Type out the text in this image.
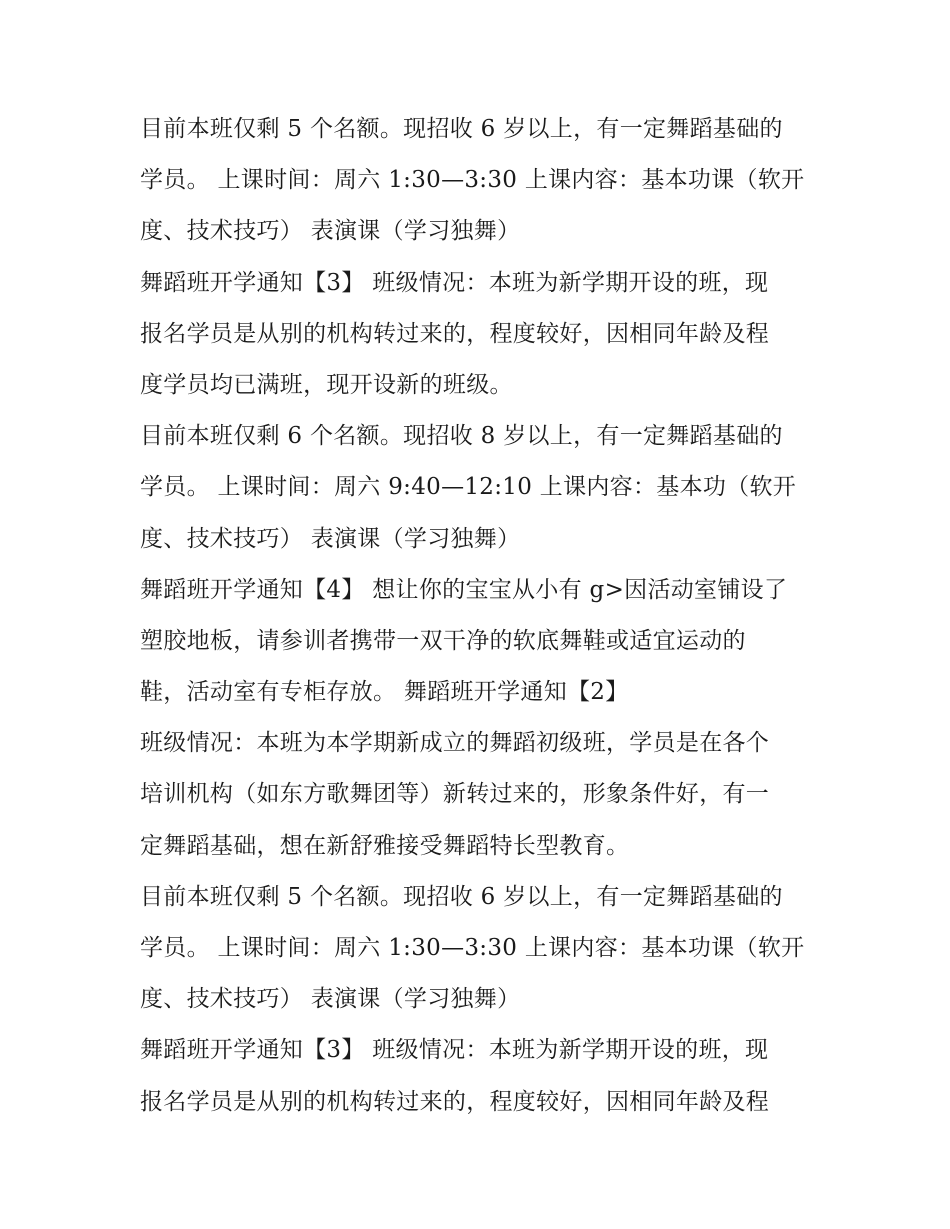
目前本班仅剩 5 个名额。现招收 6 岁以上，有一定舞蹈基础的
学员。 上课时间：周六 1:30—3:30 上课内容：基本功课（软开
度、技术技巧） 表演课（学习独舞）
舞蹈班开学通知【3】 班级情况：本班为新学期开设的班，现
报名学员是从别的机构转过来的，程度较好，因相同年龄及程
度学员均已满班，现开设新的班级。
目前本班仅剩 6 个名额。现招收 8 岁以上，有一定舞蹈基础的
学员。 上课时间：周六 9:40—12:10 上课内容：基本功（软开
度、技术技巧） 表演课（学习独舞）
舞蹈班开学通知【4】 想让你的宝宝从小有 g>因活动室铺设了
塑胶地板，请参训者携带一双干净的软底舞鞋或适宜运动的
鞋，活动室有专柜存放。 舞蹈班开学通知【2】
班级情况：本班为本学期新成立的舞蹈初级班，学员是在各个
培训机构（如东方歌舞团等）新转过来的，形象条件好，有一
定舞蹈基础，想在新舒雅接受舞蹈特长型教育。
目前本班仅剩 5 个名额。现招收 6 岁以上，有一定舞蹈基础的
学员。 上课时间：周六 1:30—3:30 上课内容：基本功课（软开
度、技术技巧） 表演课（学习独舞）
舞蹈班开学通知【3】 班级情况：本班为新学期开设的班，现
报名学员是从别的机构转过来的，程度较好，因相同年龄及程
